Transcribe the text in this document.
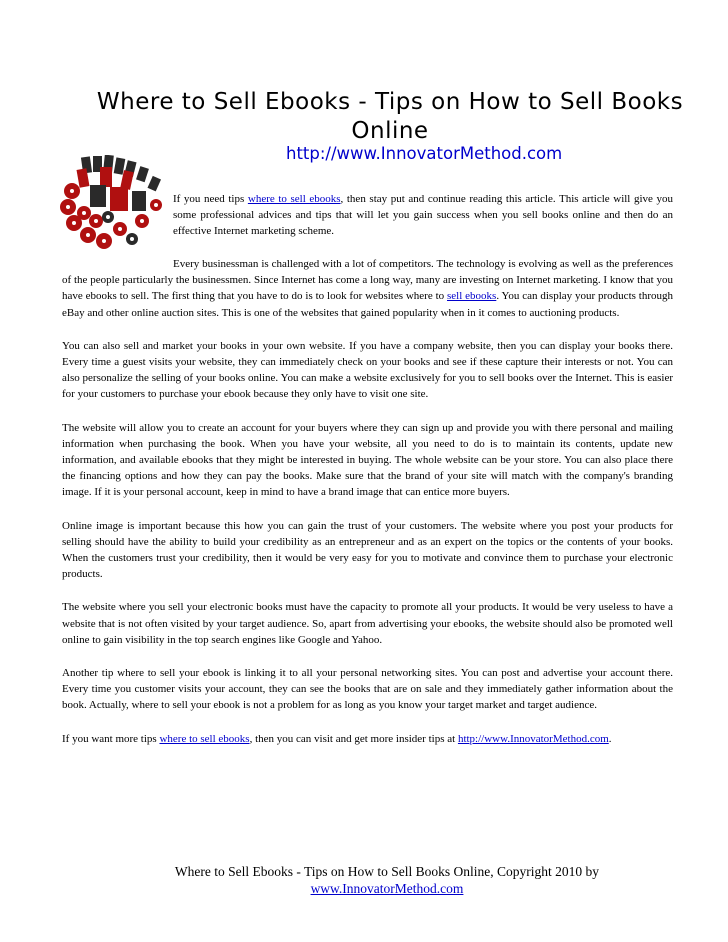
Where to Sell Ebooks - Tips on How to Sell Books Online
http://www.InnovatorMethod.com
If you need tips where to sell ebooks, then stay put and continue reading this article. This article will give you some professional advices and tips that will let you gain success when you sell books online and then do an effective Internet marketing scheme.

Every businessman is challenged with a lot of competitors. The technology is evolving as well as the preferences of the people particularly the businessmen. Since Internet has come a long way, many are investing on Internet marketing. I know that you have ebooks to sell. The first thing that you have to do is to look for websites where to sell ebooks. You can display your products through eBay and other online auction sites. This is one of the websites that gained popularity when in it comes to auctioning products.

You can also sell and market your books in your own website. If you have a company website, then you can display your books there. Every time a guest visits your website, they can immediately check on your books and see if these capture their interests or not. You can also personalize the selling of your books online. You can make a website exclusively for you to sell books over the Internet. This is easier for your customers to purchase your ebook because they only have to visit one site.

The website will allow you to create an account for your buyers where they can sign up and provide you with there personal and mailing information when purchasing the book. When you have your website, all you need to do is to maintain its contents, update new information, and available ebooks that they might be interested in buying. The whole website can be your store. You can also place there the financing options and how they can pay the books. Make sure that the brand of your site will match with the company's branding image. If it is your personal account, keep in mind to have a brand image that can entice more buyers.

Online image is important because this how you can gain the trust of your customers. The website where you post your products for selling should have the ability to build your credibility as an entrepreneur and as an expert on the topics or the contents of your books. When the customers trust your credibility, then it would be very easy for you to motivate and convince them to purchase your electronic products.

The website where you sell your electronic books must have the capacity to promote all your products. It would be very useless to have a website that is not often visited by your target audience. So, apart from advertising your ebooks, the website should also be promoted well online to gain visibility in the top search engines like Google and Yahoo.

Another tip where to sell your ebook is linking it to all your personal networking sites. You can post and advertise your account there. Every time you customer visits your account, they can see the books that are on sale and they immediately gather information about the book. Actually, where to sell your ebook is not a problem for as long as you know your target market and target audience.

If you want more tips where to sell ebooks, then you can visit and get more insider tips at http://www.InnovatorMethod.com.

Where to Sell Ebooks - Tips on How to Sell Books Online, Copyright 2010 by
www.InnovatorMethod.com
